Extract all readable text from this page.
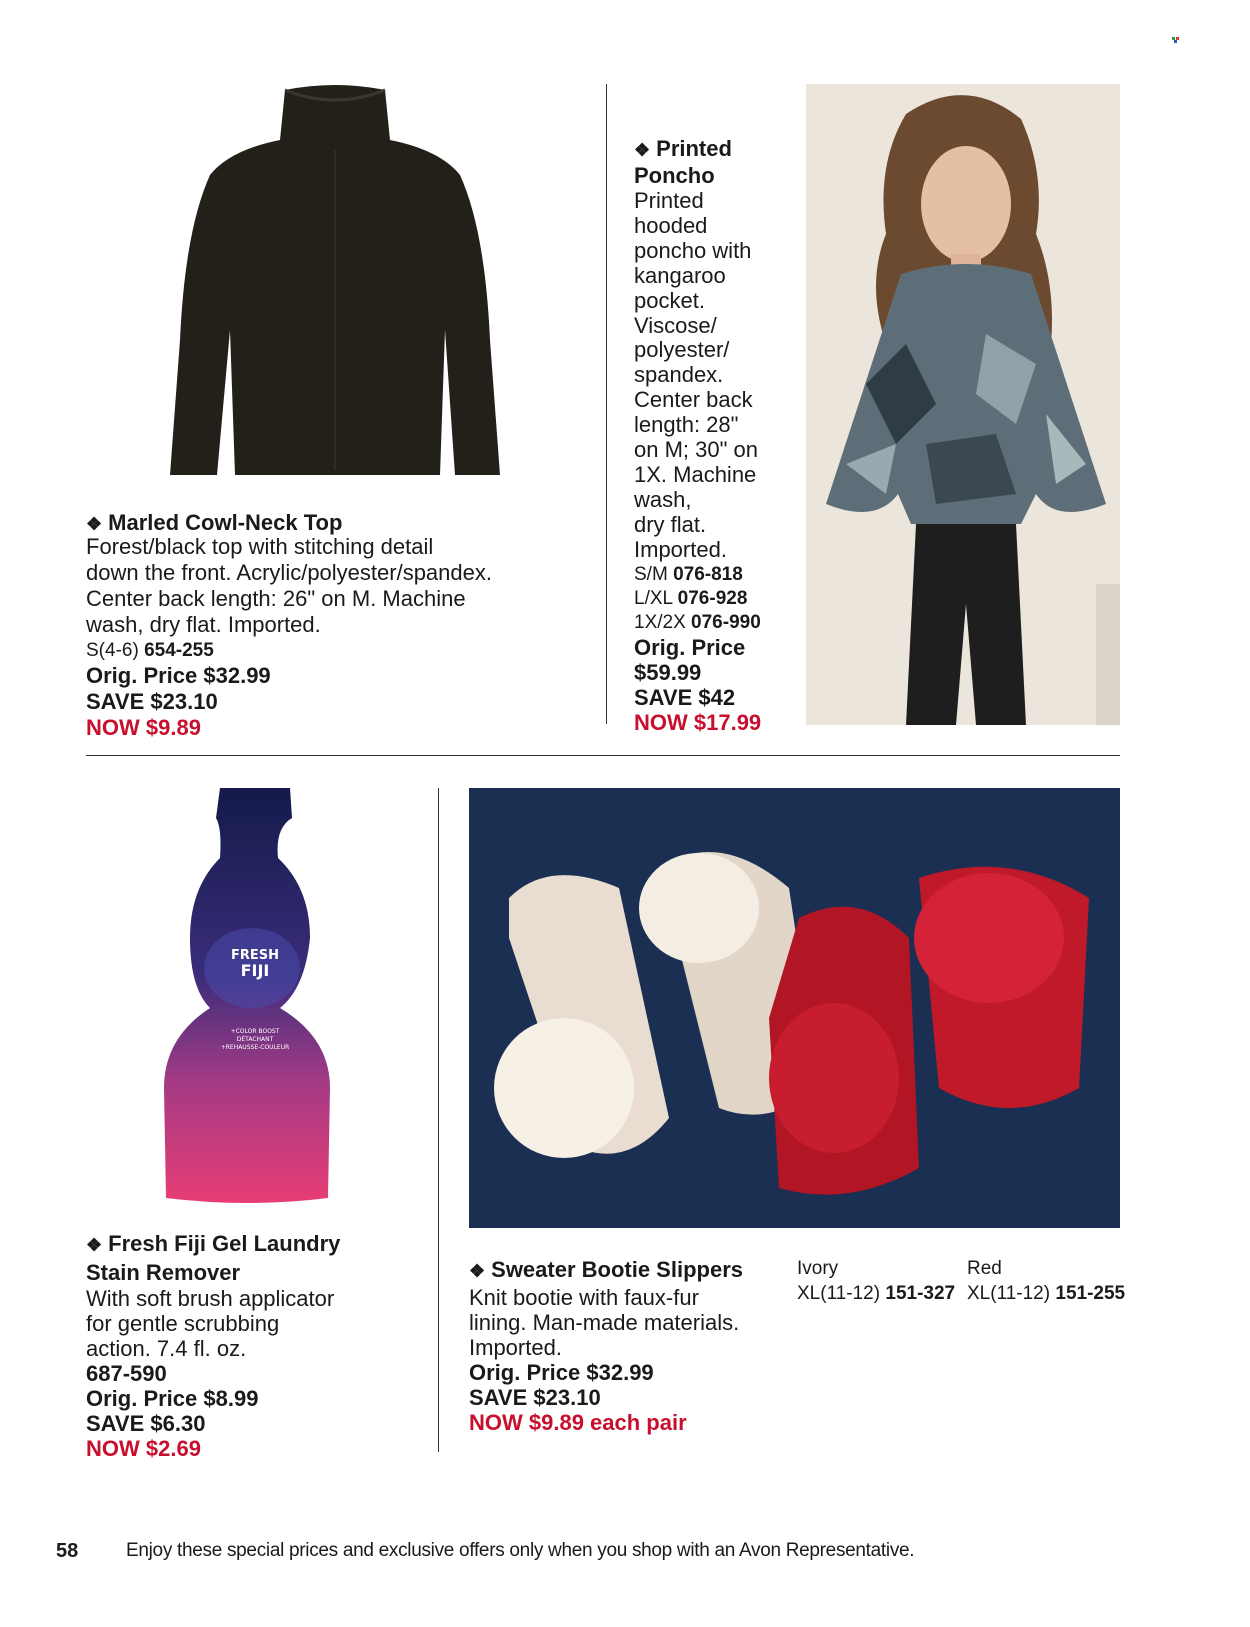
❖ Marled Cowl-Neck Top
Forest/black top with stitching detail
down the front. Acrylic/polyester/spandex.
Center back length: 26" on M. Machine
wash, dry flat. Imported.
S(4-6) 654-255
Orig. Price $32.99
SAVE $23.10
NOW $9.89
❖ Printed
Poncho
Printed
hooded
poncho with
kangaroo
pocket.
Viscose/
polyester/
spandex.
Center back
length: 28"
on M; 30" on
1X. Machine
wash,
dry flat.
Imported.
S/M 076-818
L/XL 076-928
1X/2X 076-990
Orig. Price
$59.99
SAVE $42
NOW $17.99
FRESH
FIJI
+COLOR BOOST
DÉTACHANT
+REHAUSSE-COULEUR
❖ Fresh Fiji Gel Laundry
Stain Remover
With soft brush applicator
for gentle scrubbing
action. 7.4 fl. oz.
687-590
Orig. Price $8.99
SAVE $6.30
NOW $2.69
❖ Sweater Bootie Slippers
Knit bootie with faux-fur
lining. Man-made materials.
Imported.
Orig. Price $32.99
SAVE $23.10
NOW $9.89 each pair
Ivory
XL(11-12) 151-327
Red
XL(11-12) 151-255
58	Enjoy these special prices and exclusive offers only when you shop with an Avon Representative.
